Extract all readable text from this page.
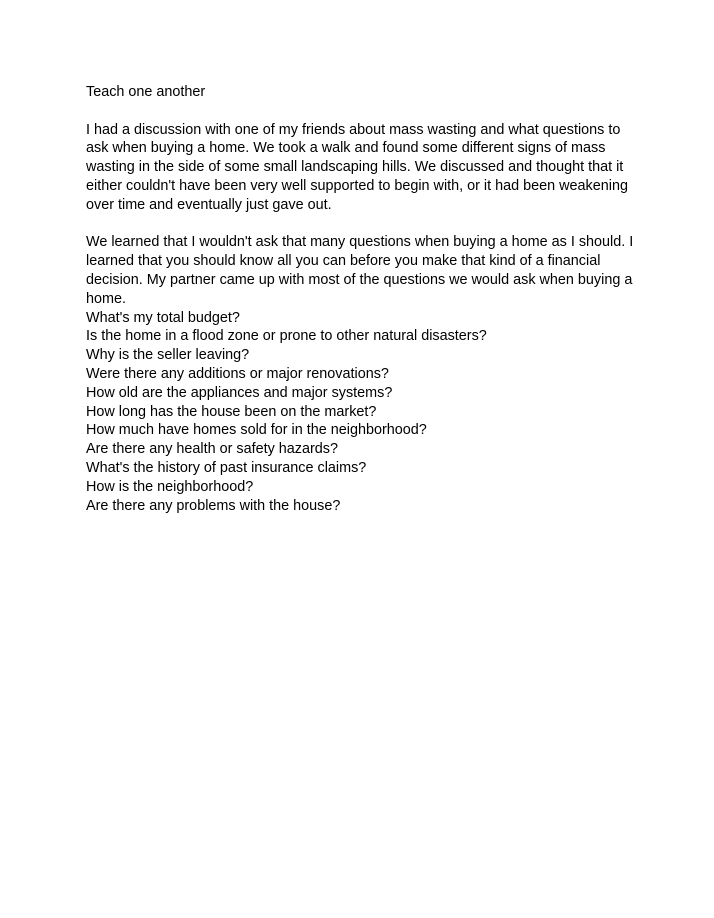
Teach one another

I had a discussion with one of my friends about mass wasting and what questions to ask when buying a home. We took a walk and found some different signs of mass wasting in the side of some small landscaping hills. We discussed and thought that it either couldn't have been very well supported to begin with, or it had been weakening over time and eventually just gave out.

We learned that I wouldn't ask that many questions when buying a home as I should. I learned that you should know all you can before you make that kind of a financial decision. My partner came up with most of the questions we would ask when buying a home.

What's my total budget?
Is the home in a flood zone or prone to other natural disasters?
Why is the seller leaving?
Were there any additions or major renovations?
How old are the appliances and major systems?
How long has the house been on the market?
How much have homes sold for in the neighborhood?
Are there any health or safety hazards?
What's the history of past insurance claims?
How is the neighborhood?
Are there any problems with the house?
